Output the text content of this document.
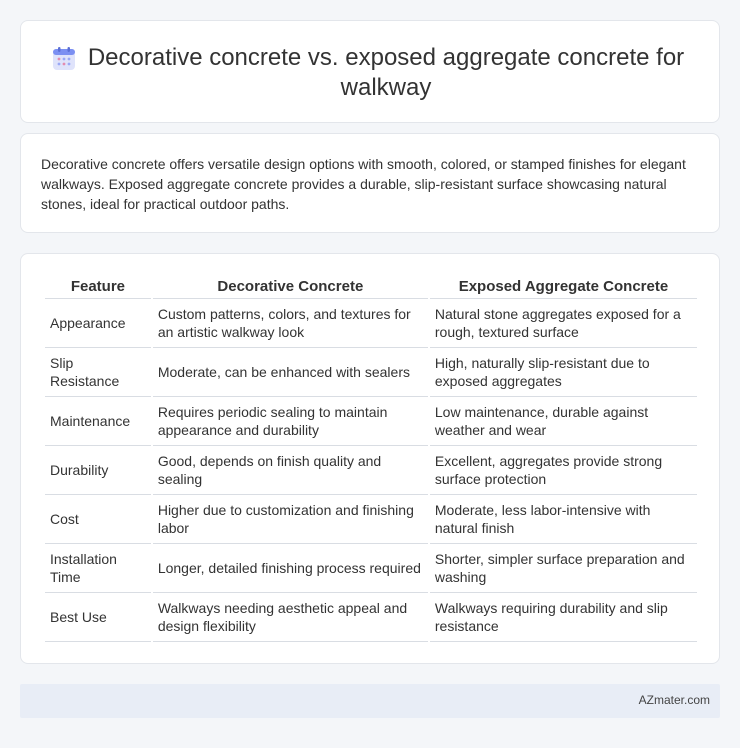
Decorative concrete vs. exposed aggregate concrete for walkway

Decorative concrete offers versatile design options with smooth, colored, or stamped finishes for elegant walkways. Exposed aggregate concrete provides a durable, slip-resistant surface showcasing natural stones, ideal for practical outdoor paths.

Feature	Decorative Concrete	Exposed Aggregate Concrete
Appearance	Custom patterns, colors, and textures for an artistic walkway look	Natural stone aggregates exposed for a rough, textured surface
Slip Resistance	Moderate, can be enhanced with sealers	High, naturally slip-resistant due to exposed aggregates
Maintenance	Requires periodic sealing to maintain appearance and durability	Low maintenance, durable against weather and wear
Durability	Good, depends on finish quality and sealing	Excellent, aggregates provide strong surface protection
Cost	Higher due to customization and finishing labor	Moderate, less labor-intensive with natural finish
Installation Time	Longer, detailed finishing process required	Shorter, simpler surface preparation and washing
Best Use	Walkways needing aesthetic appeal and design flexibility	Walkways requiring durability and slip resistance
AZmater.com
